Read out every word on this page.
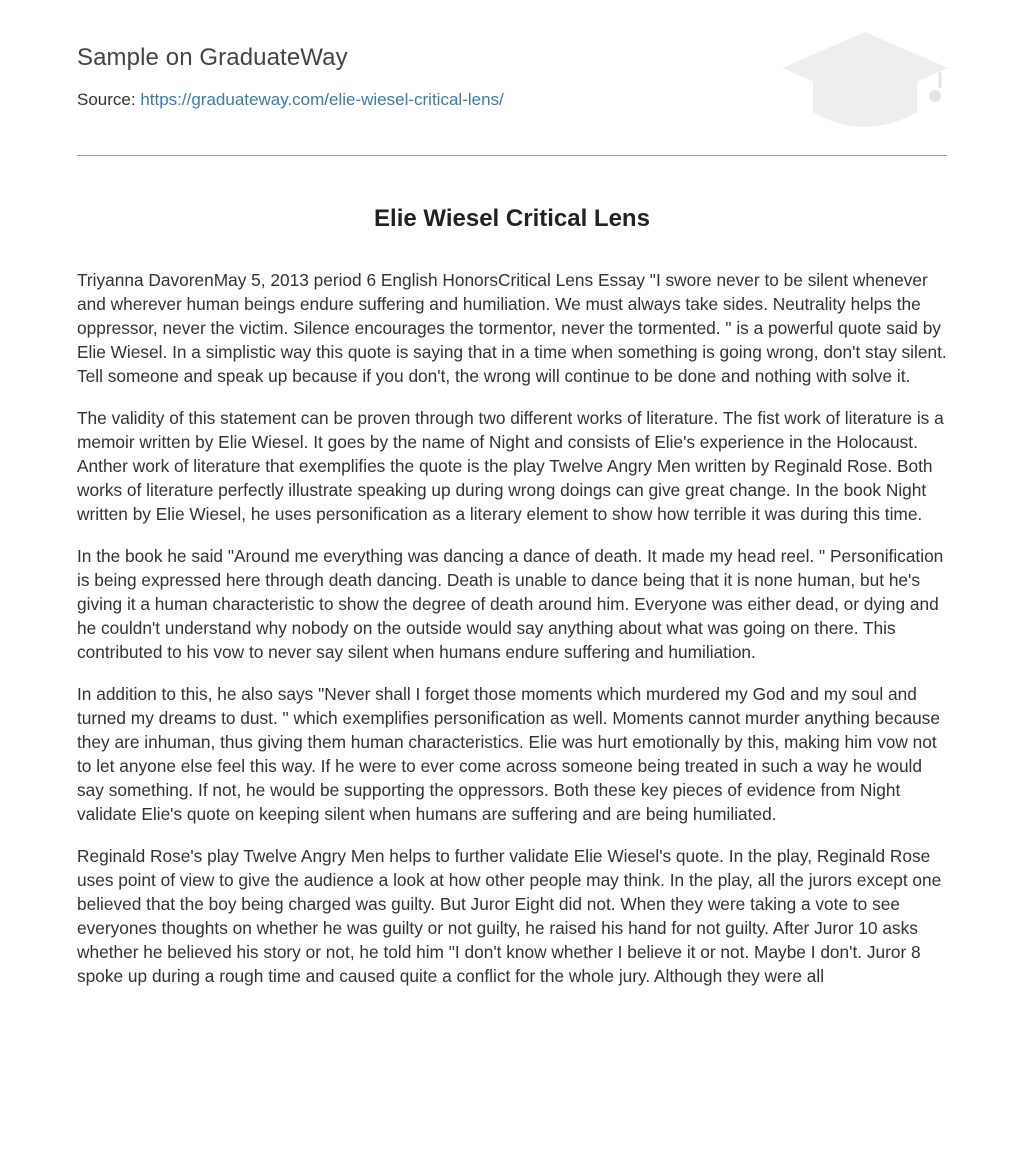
Sample on GraduateWay
Source: https://graduateway.com/elie-wiesel-critical-lens/
Elie Wiesel Critical Lens

Triyanna DavorenMay 5, 2013 period 6 English HonorsCritical Lens Essay "I swore never to be silent whenever and wherever human beings endure suffering and humiliation. We must always take sides. Neutrality helps the oppressor, never the victim. Silence encourages the tormentor, never the tormented. " is a powerful quote said by Elie Wiesel. In a simplistic way this quote is saying that in a time when something is going wrong, don't stay silent. Tell someone and speak up because if you don't, the wrong will continue to be done and nothing with solve it.

The validity of this statement can be proven through two different works of literature. The fist work of literature is a memoir written by Elie Wiesel. It goes by the name of Night and consists of Elie's experience in the Holocaust. Anther work of literature that exemplifies the quote is the play Twelve Angry Men written by Reginald Rose. Both works of literature perfectly illustrate speaking up during wrong doings can give great change. In the book Night written by Elie Wiesel, he uses personification as a literary element to show how terrible it was during this time.

In the book he said "Around me everything was dancing a dance of death. It made my head reel. " Personification is being expressed here through death dancing. Death is unable to dance being that it is none human, but he's giving it a human characteristic to show the degree of death around him. Everyone was either dead, or dying and he couldn't understand why nobody on the outside would say anything about what was going on there. This contributed to his vow to never say silent when humans endure suffering and humiliation.

In addition to this, he also says "Never shall I forget those moments which murdered my God and my soul and turned my dreams to dust. " which exemplifies personification as well. Moments cannot murder anything because they are inhuman, thus giving them human characteristics. Elie was hurt emotionally by this, making him vow not to let anyone else feel this way. If he were to ever come across someone being treated in such a way he would say something. If not, he would be supporting the oppressors. Both these key pieces of evidence from Night validate Elie's quote on keeping silent when humans are suffering and are being humiliated.

Reginald Rose's play Twelve Angry Men helps to further validate Elie Wiesel's quote. In the play, Reginald Rose uses point of view to give the audience a look at how other people may think. In the play, all the jurors except one believed that the boy being charged was guilty. But Juror Eight did not. When they were taking a vote to see everyones thoughts on whether he was guilty or not guilty, he raised his hand for not guilty. After Juror 10 asks whether he believed his story or not, he told him "I don't know whether I believe it or not. Maybe I don't. Juror 8 spoke up during a rough time and caused quite a conflict for the whole jury. Although they were all
